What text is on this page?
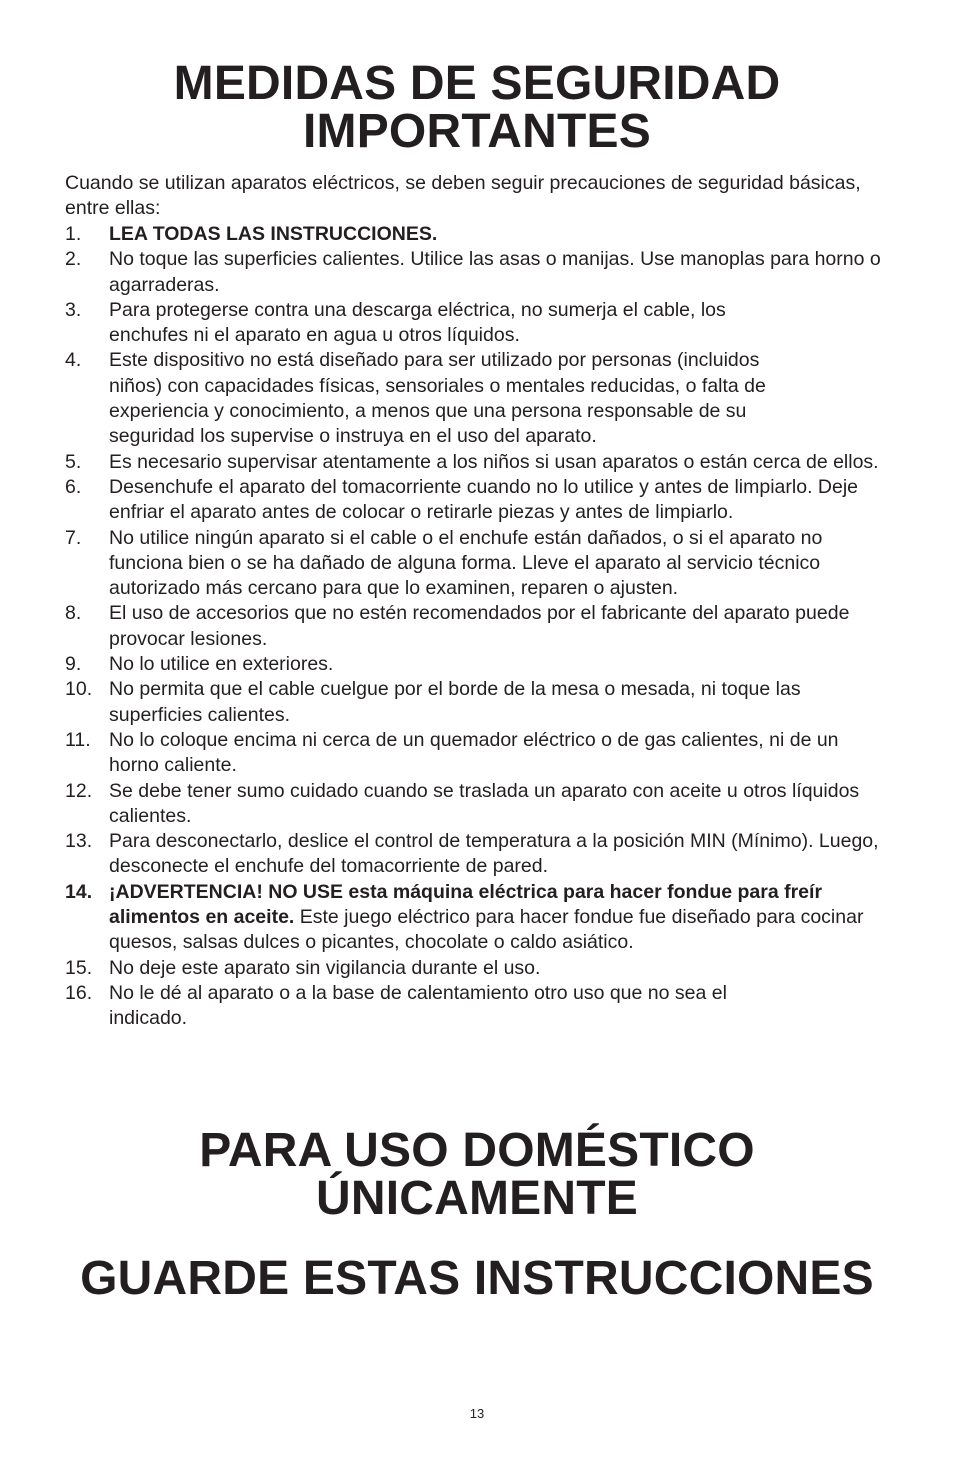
MEDIDAS DE SEGURIDAD
IMPORTANTES

Cuando se utilizan aparatos eléctricos, se deben seguir precauciones de seguridad básicas, entre ellas:

1. LEA TODAS LAS INSTRUCCIONES.
2. No toque las superficies calientes. Utilice las asas o manijas. Use manoplas para horno o agarraderas.
3. Para protegerse contra una descarga eléctrica, no sumerja el cable, los enchufes ni el aparato en agua u otros líquidos.
4. Este dispositivo no está diseñado para ser utilizado por personas (incluidos niños) con capacidades físicas, sensoriales o mentales reducidas, o falta de experiencia y conocimiento, a menos que una persona responsable de su seguridad los supervise o instruya en el uso del aparato.
5. Es necesario supervisar atentamente a los niños si usan aparatos o están cerca de ellos.
6. Desenchufe el aparato del tomacorriente cuando no lo utilice y antes de limpiarlo. Deje enfriar el aparato antes de colocar o retirarle piezas y antes de limpiarlo.
7. No utilice ningún aparato si el cable o el enchufe están dañados, o si el aparato no funciona bien o se ha dañado de alguna forma. Lleve el aparato al servicio técnico autorizado más cercano para que lo examinen, reparen o ajusten.
8. El uso de accesorios que no estén recomendados por el fabricante del aparato puede provocar lesiones.
9. No lo utilice en exteriores.
10. No permita que el cable cuelgue por el borde de la mesa o mesada, ni toque las superficies calientes.
11. No lo coloque encima ni cerca de un quemador eléctrico o de gas calientes, ni de un horno caliente.
12. Se debe tener sumo cuidado cuando se traslada un aparato con aceite u otros líquidos calientes.
13. Para desconectarlo, deslice el control de temperatura a la posición MIN (Mínimo). Luego, desconecte el enchufe del tomacorriente de pared.
14. ¡ADVERTENCIA! NO USE esta máquina eléctrica para hacer fondue para freír alimentos en aceite. Este juego eléctrico para hacer fondue fue diseñado para cocinar quesos, salsas dulces o picantes, chocolate o caldo asiático.
15. No deje este aparato sin vigilancia durante el uso.
16. No le dé al aparato o a la base de calentamiento otro uso que no sea el indicado.
PARA USO DOMÉSTICO
ÚNICAMENTE
GUARDE ESTAS INSTRUCCIONES
13
